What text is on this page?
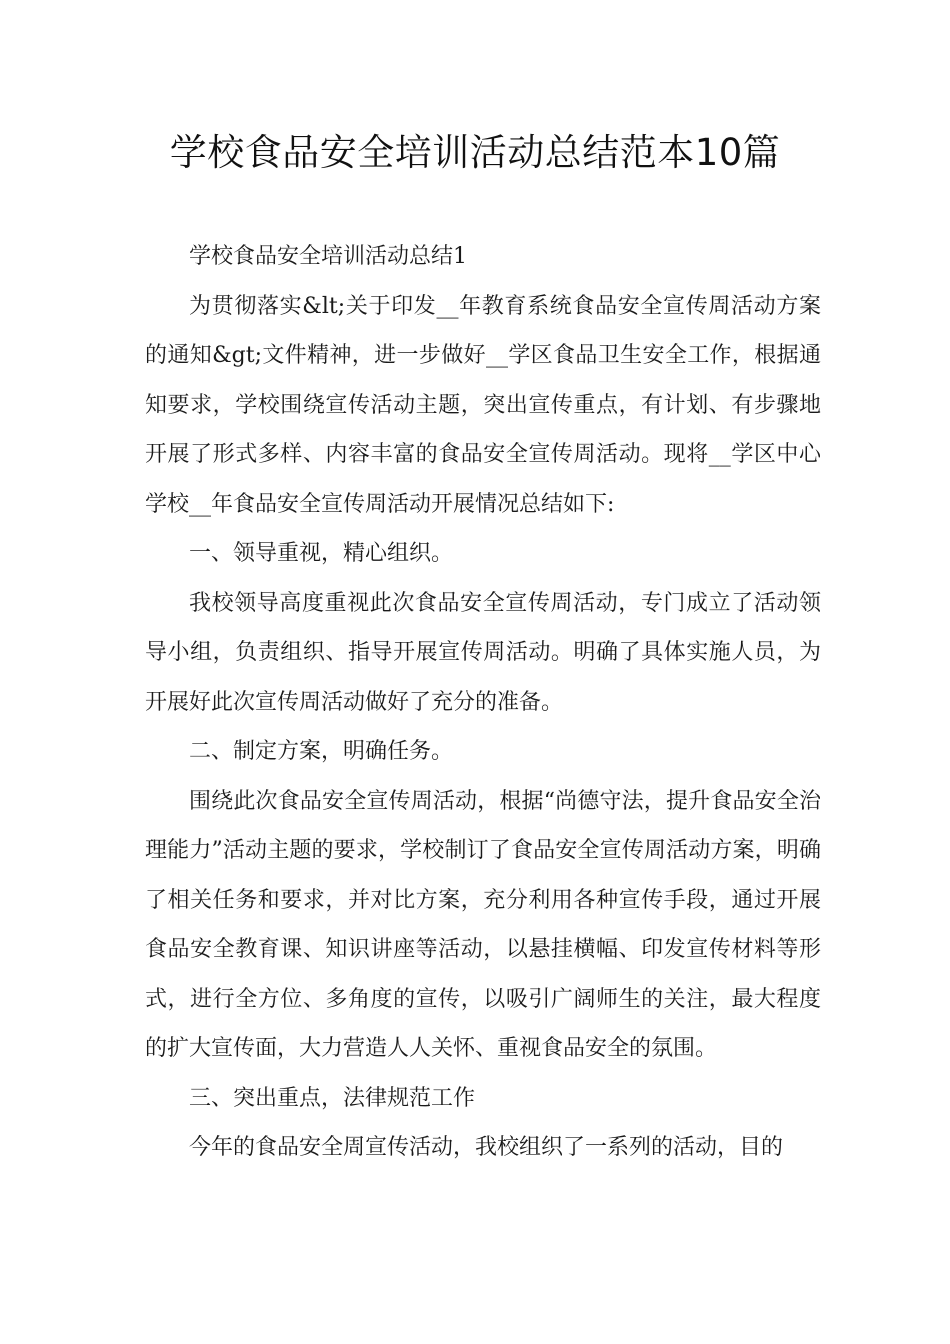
学校食品安全培训活动总结范本10篇

学校食品安全培训活动总结1

为贯彻落实&lt;关于印发__年教育系统食品安全宣传周活动方案的通知&gt;文件精神，进一步做好__学区食品卫生安全工作，根据通知要求，学校围绕宣传活动主题，突出宣传重点，有计划、有步骤地开展了形式多样、内容丰富的食品安全宣传周活动。现将__学区中心学校__年食品安全宣传周活动开展情况总结如下:

一、领导重视，精心组织。

我校领导高度重视此次食品安全宣传周活动，专门成立了活动领导小组，负责组织、指导开展宣传周活动。明确了具体实施人员，为开展好此次宣传周活动做好了充分的准备。

二、制定方案，明确任务。

围绕此次食品安全宣传周活动，根据“尚德守法，提升食品安全治理能力”活动主题的要求，学校制订了食品安全宣传周活动方案，明确了相关任务和要求，并对比方案，充分利用各种宣传手段，通过开展食品安全教育课、知识讲座等活动，以悬挂横幅、印发宣传材料等形式，进行全方位、多角度的宣传，以吸引广阔师生的关注，最大程度的扩大宣传面，大力营造人人关怀、重视食品安全的氛围。

三、突出重点，法律规范工作

今年的食品安全周宣传活动，我校组织了一系列的活动，目的
